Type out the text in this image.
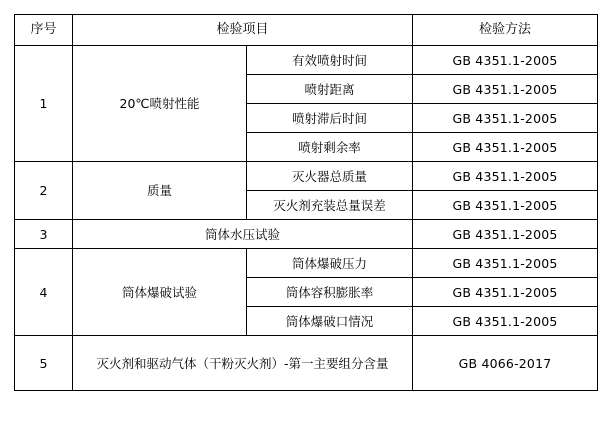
序号	检验项目		检验方法
1	20℃喷射性能	有效喷射时间	GB 4351.1-2005
		喷射距离	GB 4351.1-2005
		喷射滞后时间	GB 4351.1-2005
		喷射剩余率	GB 4351.1-2005
2	质量	灭火器总质量	GB 4351.1-2005
		灭火剂充装总量误差	GB 4351.1-2005
3	筒体水压试验		GB 4351.1-2005
4	筒体爆破试验	筒体爆破压力	GB 4351.1-2005
		筒体容积膨胀率	GB 4351.1-2005
		筒体爆破口情况	GB 4351.1-2005
5	灭火剂和驱动气体（干粉灭火剂）-第一主要组分含量		GB 4066-2017
